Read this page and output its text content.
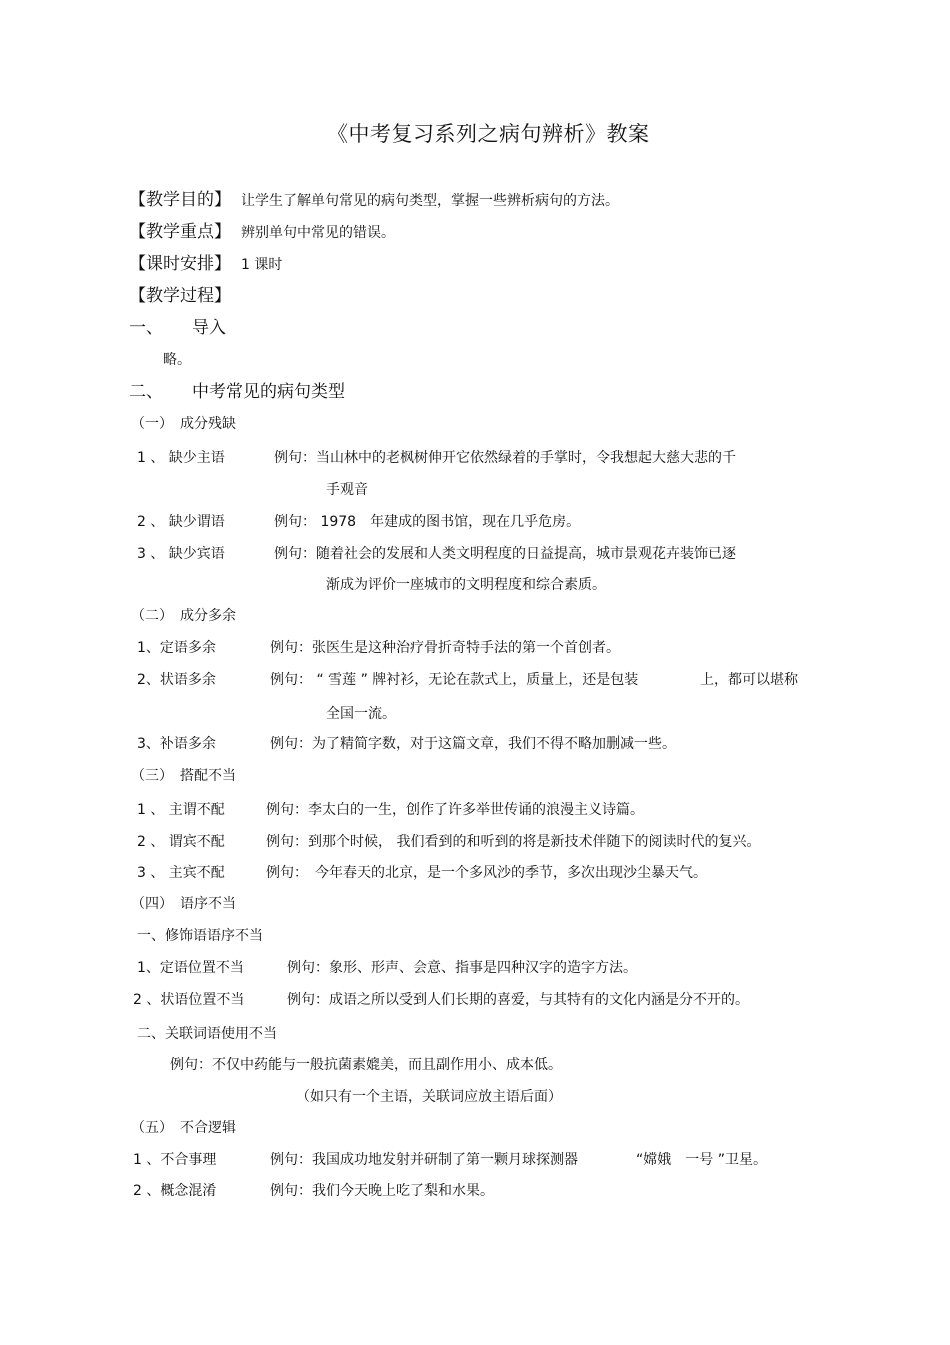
《中考复习系列之病句辨析》教案
【教学目的】 让学生了解单句常见的病句类型，掌握一些辨析病句的方法。
【教学重点】 辨别单句中常见的错误。
【课时安排】 1 课时
【教学过程】
一、 导入
略。
二、 中考常见的病句类型
（一）　成分残缺
1 、 缺少主语	例句：当山林中的老枫树伸开它依然绿着的手掌时，令我想起大慈大悲的千
手观音
2 、 缺少谓语	例句： 1978　年建成的图书馆，现在几乎危房。
3 、 缺少宾语	例句：随着社会的发展和人类文明程度的日益提高，城市景观花卉装饰已逐
渐成为评价一座城市的文明程度和综合素质。
（二）　成分多余
1、定语多余	例句：张医生是这种治疗骨折奇特手法的第一个首创者。
2、状语多余	例句： “ 雪莲 ” 牌衬衫，无论在款式上，质量上，还是包装	上，都可以堪称
全国一流。
3、补语多余	例句：为了精简字数，对于这篇文章，我们不得不略加删减一些。
（三）　搭配不当
1 、 主谓不配	例句：李太白的一生，创作了许多举世传诵的浪漫主义诗篇。
2 、 谓宾不配	例句：到那个时候， 我们看到的和听到的将是新技术伴随下的阅读时代的复兴。
3 、 主宾不配	例句：　今年春天的北京，是一个多风沙的季节，多次出现沙尘暴天气。
（四）　语序不当
一、修饰语语序不当
1、定语位置不当	例句：象形、形声、会意、指事是四种汉字的造字方法。
2 、状语位置不当	例句：成语之所以受到人们长期的喜爱，与其特有的文化内涵是分不开的。
二、关联词语使用不当
例句：不仅中药能与一般抗菌素媲美，而且副作用小、成本低。
（如只有一个主语，关联词应放主语后面）
（五）　不合逻辑
1 、不合事理	例句：我国成功地发射并研制了第一颗月球探测器	“嫦娥　一号 ”卫星。
2 、概念混淆	例句：我们今天晚上吃了梨和水果。
